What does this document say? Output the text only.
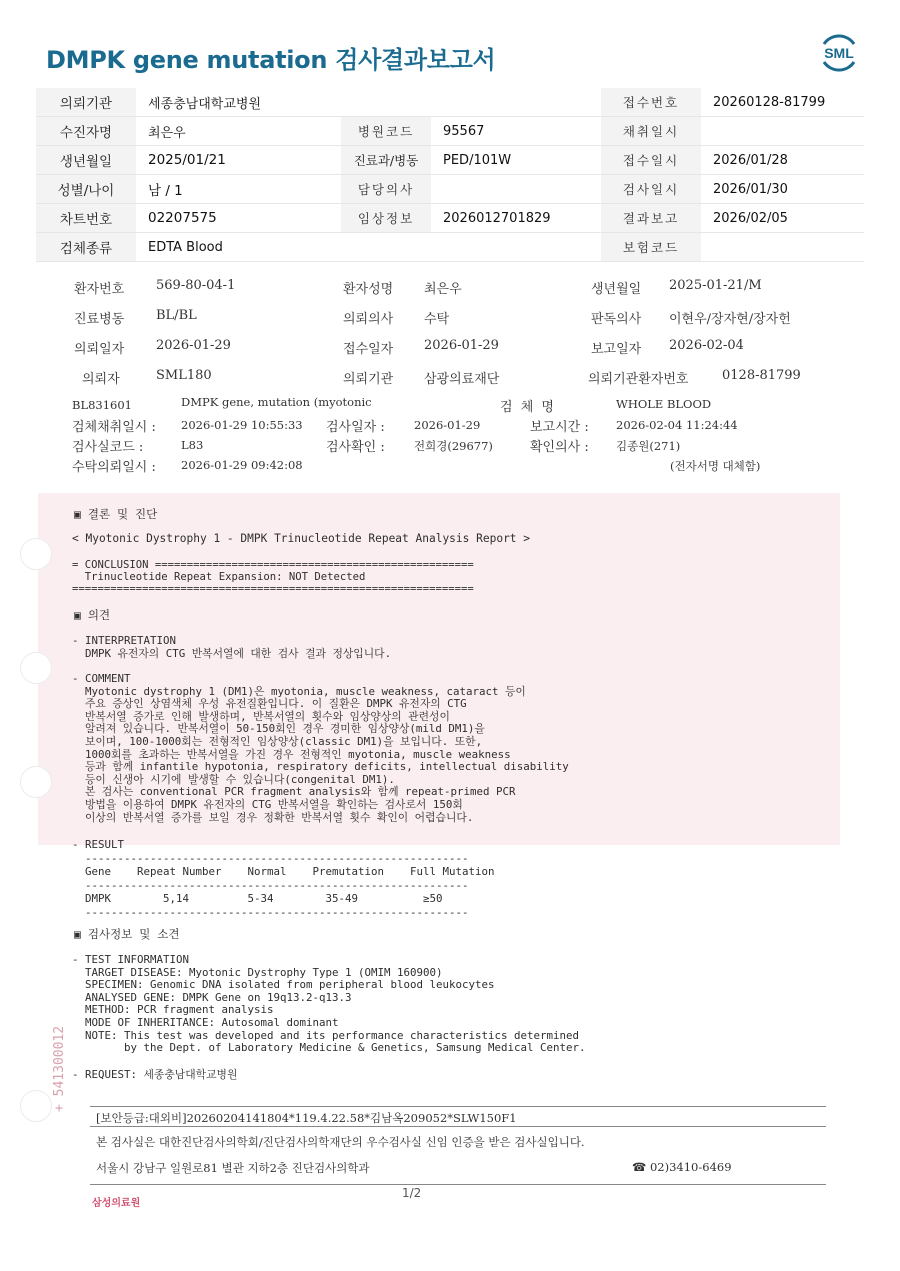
DMPK gene mutation 검사결과보고서	SML
의뢰기관	세종충남대학교병원			접수번호	20260128-81799
수진자명	최은우	병원코드	95567	채취일시	
생년월일	2025/01/21	진료과/병동	PED/101W	접수일시	2026/01/28
성별/나이	남 / 1	담당의사		검사일시	2026/01/30
차트번호	02207575	임상정보	2026012701829	결과보고	2026/02/05
검체종류	EDTA Blood			보험코드	
환자번호 569-80-04-1	환자성명 최은우	생년월일 2025-01-21/M
진료병동 BL/BL	의뢰의사 수탁	판독의사 이현우/장자현/장자헌
의뢰일자 2026-01-29	접수일자 2026-01-29	보고일자 2026-02-04
의뢰자	SML180	의뢰기관 삼광의료재단	의뢰기관환자번호	0128-81799
BL831601	DMPK gene, mutation (myotonic	검 체 명	WHOLE BLOOD
검체채취일시 : 2026-01-29 10:55:33 검사일자 :	2026-01-29	보고시간 : 2026-02-04 11:24:44
검사실코드 :	L83	검사확인 :	전희경(29677)	확인의사 : 김종원(271)
수탁의뢰일시 : 2026-01-29 09:42:08	(전자서명 대체함)
▣ 결론 및 진단
< Myotonic Dystrophy 1 - DMPK Trinucleotide Repeat Analysis Report >
= CONCLUSION ==================================================
Trinucleotide Repeat Expansion: NOT Detected
===============================================================
▣ 의견
- INTERPRETATION
DMPK 유전자의 CTG 반복서열에 대한 검사 결과 정상입니다.
- COMMENT
Myotonic dystrophy 1 (DM1)은 myotonia, muscle weakness, cataract 등이
주요 증상인 상염색체 우성 유전질환입니다. 이 질환은 DMPK 유전자의 CTG
반복서열 증가로 인해 발생하며, 반복서열의 횟수와 임상양상의 관련성이
알려져 있습니다. 반복서열이 50-150회인 경우 경미한 임상양상(mild DM1)을
보이며, 100-1000회는 전형적인 임상양상(classic DM1)을 보입니다. 또한,
1000회를 초과하는 반복서열을 가진 경우 전형적인 myotonia, muscle weakness
등과 함께 infantile hypotonia, respiratory deficits, intellectual disability
등이 신생아 시기에 발생할 수 있습니다(congenital DM1).
본 검사는 conventional PCR fragment analysis와 함께 repeat-primed PCR
방법을 이용하여 DMPK 유전자의 CTG 반복서열을 확인하는 검사로서 150회
이상의 반복서열 증가를 보일 경우 정확한 반복서열 횟수 확인이 어렵습니다.
- RESULT
-----------------------------------------------------------
Gene    Repeat Number    Normal    Premutation    Full Mutation
-----------------------------------------------------------
DMPK        5,14         5-34        35-49          ≥50
-----------------------------------------------------------
▣ 검사정보 및 소견
- TEST INFORMATION
TARGET DISEASE: Myotonic Dystrophy Type 1 (OMIM 160900)
SPECIMEN: Genomic DNA isolated from peripheral blood leukocytes
ANALYSED GENE: DMPK Gene on 19q13.2-q13.3
METHOD: PCR fragment analysis
MODE OF INHERITANCE: Autosomal dominant
NOTE: This test was developed and its performance characteristics determined
by the Dept. of Laboratory Medicine & Genetics, Samsung Medical Center.
- REQUEST: 세종충남대학교병원
+ 541300012
[보안등급:대외비]20260204141804*119.4.22.58*김남옥209052*SLW150F1
본 검사실은 대한진단검사의학회/진단검사의학재단의 우수검사실 신임 인증을 받은 검사실입니다.
서울시 강남구 일원로81 별관 지하2층 진단검사의학과	☎ 02)3410-6469
삼성의료원
1/2
